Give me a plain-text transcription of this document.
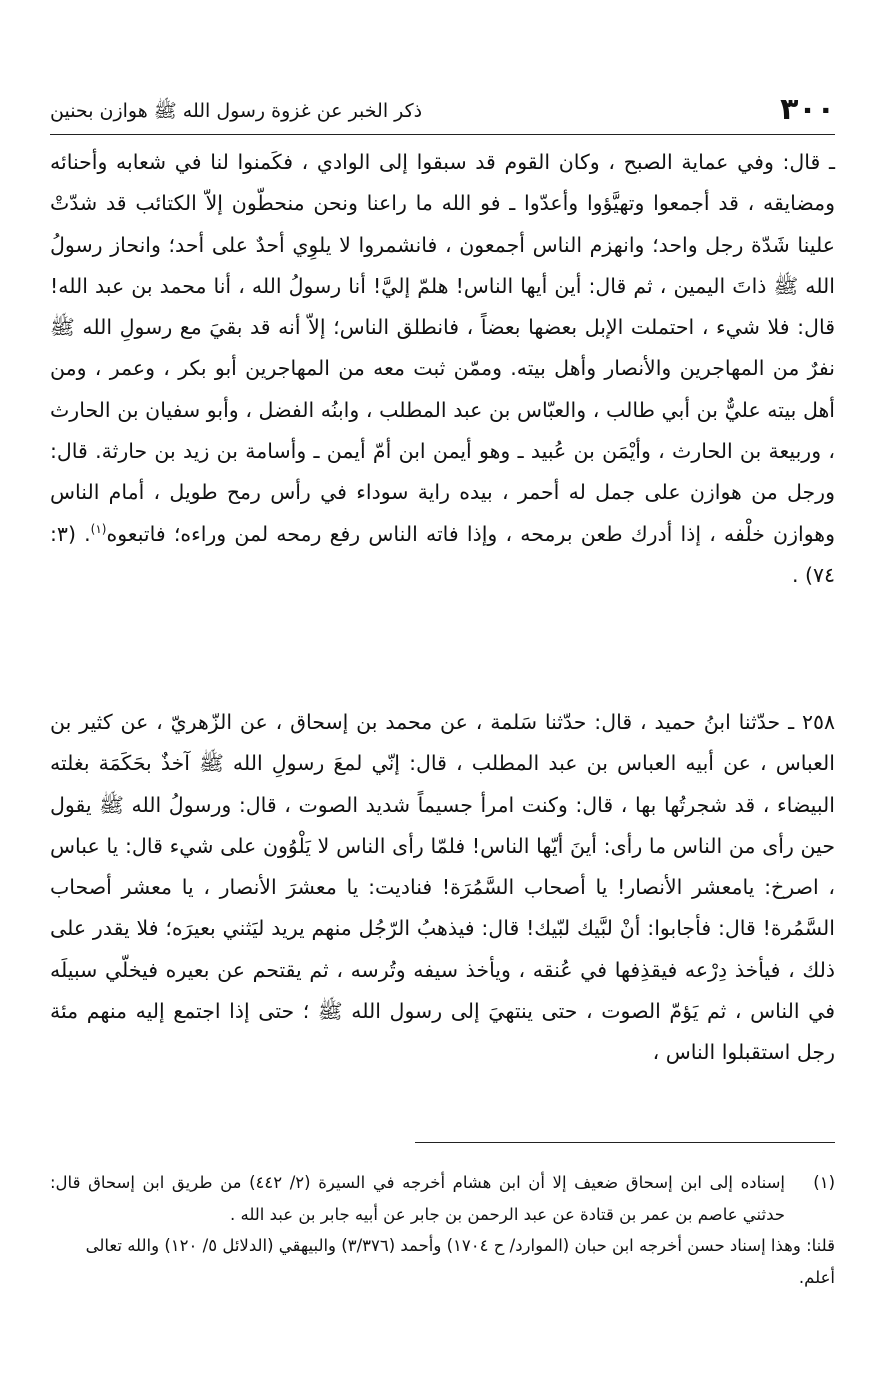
٣٠٠
ذكر الخبر عن غزوة رسول الله ﷺ هوازن بحنين

ـ قال: وفي عماية الصبح ، وكان القوم قد سبقوا إلى الوادي ، فكَمنوا لنا في شعابه وأحنائه ومضايقه ، قد أجمعوا وتهيَّؤوا وأعدّوا ـ فو الله ما راعنا ونحن منحطّون إلاّ الكتائب قد شدّتْ علينا شَدّة رجل واحد؛ وانهزم الناس أجمعون ، فانشمروا لا يلوِي أحدٌ على أحد؛ وانحاز رسولُ الله ﷺ ذاتَ اليمين ، ثم قال: أين أيها الناس! هلمّ إليَّ! أنا رسولُ الله ، أنا محمد بن عبد الله! قال: فلا شيء ، احتملت الإبل بعضها بعضاً ، فانطلق الناس؛ إلاّ أنه قد بقيَ مع رسولِ الله ﷺ نفرٌ من المهاجرين والأنصار وأهل بيته. وممّن ثبت معه من المهاجرين أبو بكر ، وعمر ، ومن أهل بيته عليٌّ بن أبي طالب ، والعبّاس بن عبد المطلب ، وابنُه الفضل ، وأبو سفيان بن الحارث ، وربيعة بن الحارث ، وأيْمَن بن عُبيد ـ وهو أيمن ابن أمّ أيمن ـ وأسامة بن زيد بن حارثة. قال: ورجل من هوازن على جمل له أحمر ، بيده راية سوداء في رأس رمح طويل ، أمام الناس وهوازن خلْفه ، إذا أدرك طعن برمحه ، وإذا فاته الناس رفع رمحه لمن وراءه؛ فاتبعوه$^{(١)}$. (٣: ٧٤) .

٢٥٨ ـ حدّثنا ابنُ حميد ، قال: حدّثنا سَلمة ، عن محمد بن إسحاق ، عن الزّهريّ ، عن كثير بن العباس ، عن أبيه العباس بن عبد المطلب ، قال: إنّي لمعَ رسولِ الله ﷺ آخذٌ بحَكَمَة بغلته البيضاء ، قد شجرتُها بها ، قال: وكنت امرأ جسيماً شديد الصوت ، قال: ورسولُ الله ﷺ يقول حين رأى من الناس ما رأى: أينَ أيّها الناس! فلمّا رأى الناس لا يَلْوُون على شيء قال: يا عباس ، اصرخ: يامعشر الأنصار! يا أصحاب السَّمُرَة! فناديت: يا معشرَ الأنصار ، يا معشر أصحاب السَّمُرة! قال: فأجابوا: أنْ لبَّيك لبّيك! قال: فيذهبُ الرّجُل منهم يريد ليَثني بعيرَه؛ فلا يقدر على ذلك ، فيأخذ دِرْعه فيقذِفها في عُنقه ، ويأخذ سيفه وتُرسه ، ثم يقتحم عن بعيره فيخلّي سبيلَه في الناس ، ثم يَؤمّ الصوت ، حتى ينتهيَ إلى رسول الله ﷺ ؛ حتى إذا اجتمع إليه منهم مئة رجل استقبلوا الناس ،

(١)

إسناده إلى ابن إسحاق ضعيف إلا أن ابن هشام أخرجه في السيرة (٢/ ٤٤٢) من طريق ابن إسحاق قال: حدثني عاصم بن عمر بن قتادة عن عبد الرحمن بن جابر عن أبيه جابر بن عبد الله .

قلنا: وهذا إسناد حسن أخرجه ابن حبان (الموارد/ ح ١٧٠٤) وأحمد (٣/٣٧٦) والبيهقي (الدلائل ٥/ ١٢٠) والله تعالى أعلم.
